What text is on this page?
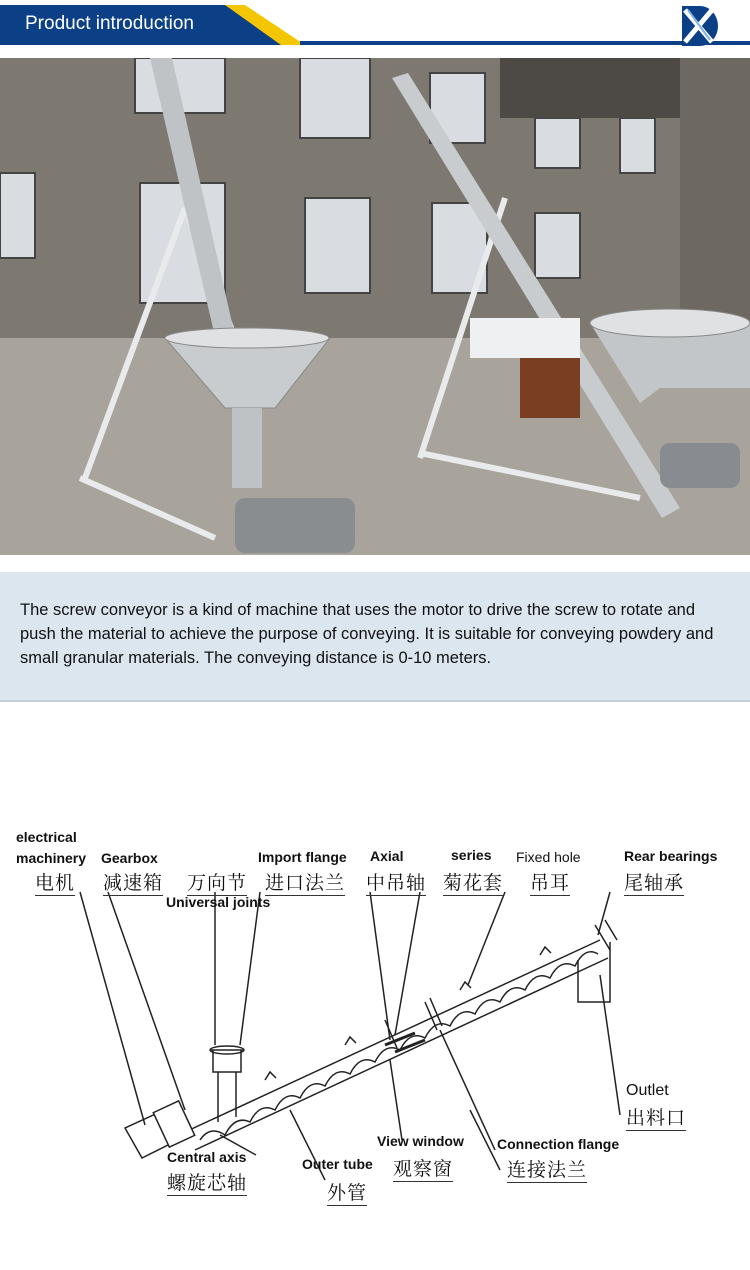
Product introduction

The screw conveyor is a kind of machine that uses the motor to drive the screw to rotate and push the material to achieve the purpose of conveying. It is suitable for conveying powdery and small granular materials. The conveying distance is 0-10 meters.

electrical
machinery
电机
Gearbox
减速箱 万向节
Universal joints
Import flange
进口法兰
Axial
中吊轴
series
菊花套
Fixed hole
吊耳
Rear bearings
尾轴承
Outlet
出料口
View window
观察窗
Connection flange
连接法兰
Central axis
螺旋芯轴
Outer tube
外管
